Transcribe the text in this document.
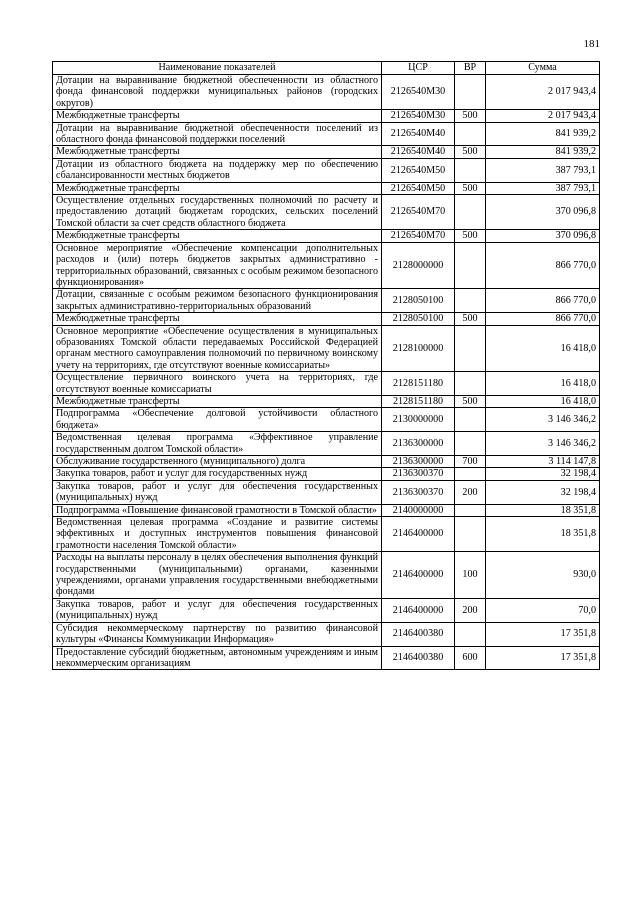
181
Наименование показателей	ЦСР	ВР	Сумма
Дотации на выравнивание бюджетной обеспеченности из областного фонда финансовой поддержки муниципальных районов (городских округов)	2126540М30		2 017 943,4
Межбюджетные трансферты	2126540М30	500	2 017 943,4
Дотации на выравнивание бюджетной обеспеченности поселений из областного фонда финансовой поддержки поселений	2126540М40		841 939,2
Межбюджетные трансферты	2126540М40	500	841 939,2
Дотации из областного бюджета на поддержку мер по обеспечению сбалансированности местных бюджетов	2126540М50		387 793,1
Межбюджетные трансферты	2126540М50	500	387 793,1
Осуществление отдельных государственных полномочий по расчету и предоставлению дотаций бюджетам городских, сельских поселений Томской области за счет средств областного бюджета	2126540М70		370 096,8
Межбюджетные трансферты	2126540М70	500	370 096,8
Основное мероприятие «Обеспечение компенсации дополнительных расходов и (или) потерь бюджетов закрытых административно - территориальных образований, связанных с особым режимом безопасного функционирования»	2128000000		866 770,0
Дотации, связанные с особым режимом безопасного функционирования закрытых административно-территориальных образований	2128050100		866 770,0
Межбюджетные трансферты	2128050100	500	866 770,0
Основное мероприятие «Обеспечение осуществления в муниципальных образованиях Томской области передаваемых Российской Федерацией органам местного самоуправления полномочий по первичному воинскому учету на территориях, где отсутствуют военные комиссариаты»	2128100000		16 418,0
Осуществление первичного воинского учета на территориях, где отсутствуют военные комиссариаты	2128151180		16 418,0
Межбюджетные трансферты	2128151180	500	16 418,0
Подпрограмма «Обеспечение долговой устойчивости областного бюджета»	2130000000		3 146 346,2
Ведомственная целевая программа «Эффективное управление государственным долгом Томской области»	2136300000		3 146 346,2
Обслуживание государственного (муниципального) долга	2136300000	700	3 114 147,8
Закупка товаров, работ и услуг для государственных нужд	2136300370		32 198,4
Закупка товаров, работ и услуг для обеспечения государственных (муниципальных) нужд	2136300370	200	32 198,4
Подпрограмма «Повышение финансовой грамотности в Томской области»	2140000000		18 351,8
Ведомственная целевая программа «Создание и развитие системы эффективных и доступных инструментов повышения финансовой грамотности населения Томской области»	2146400000		18 351,8
Расходы на выплаты персоналу в целях обеспечения выполнения функций государственными (муниципальными) органами, казенными учреждениями, органами управления государственными внебюджетными фондами	2146400000	100	930,0
Закупка товаров, работ и услуг для обеспечения государственных (муниципальных) нужд	2146400000	200	70,0
Субсидия некоммерческому партнерству по развитию финансовой культуры «Финансы Коммуникации Информация»	2146400380		17 351,8
Предоставление субсидий бюджетным, автономным учреждениям и иным некоммерческим организациям	2146400380	600	17 351,8
